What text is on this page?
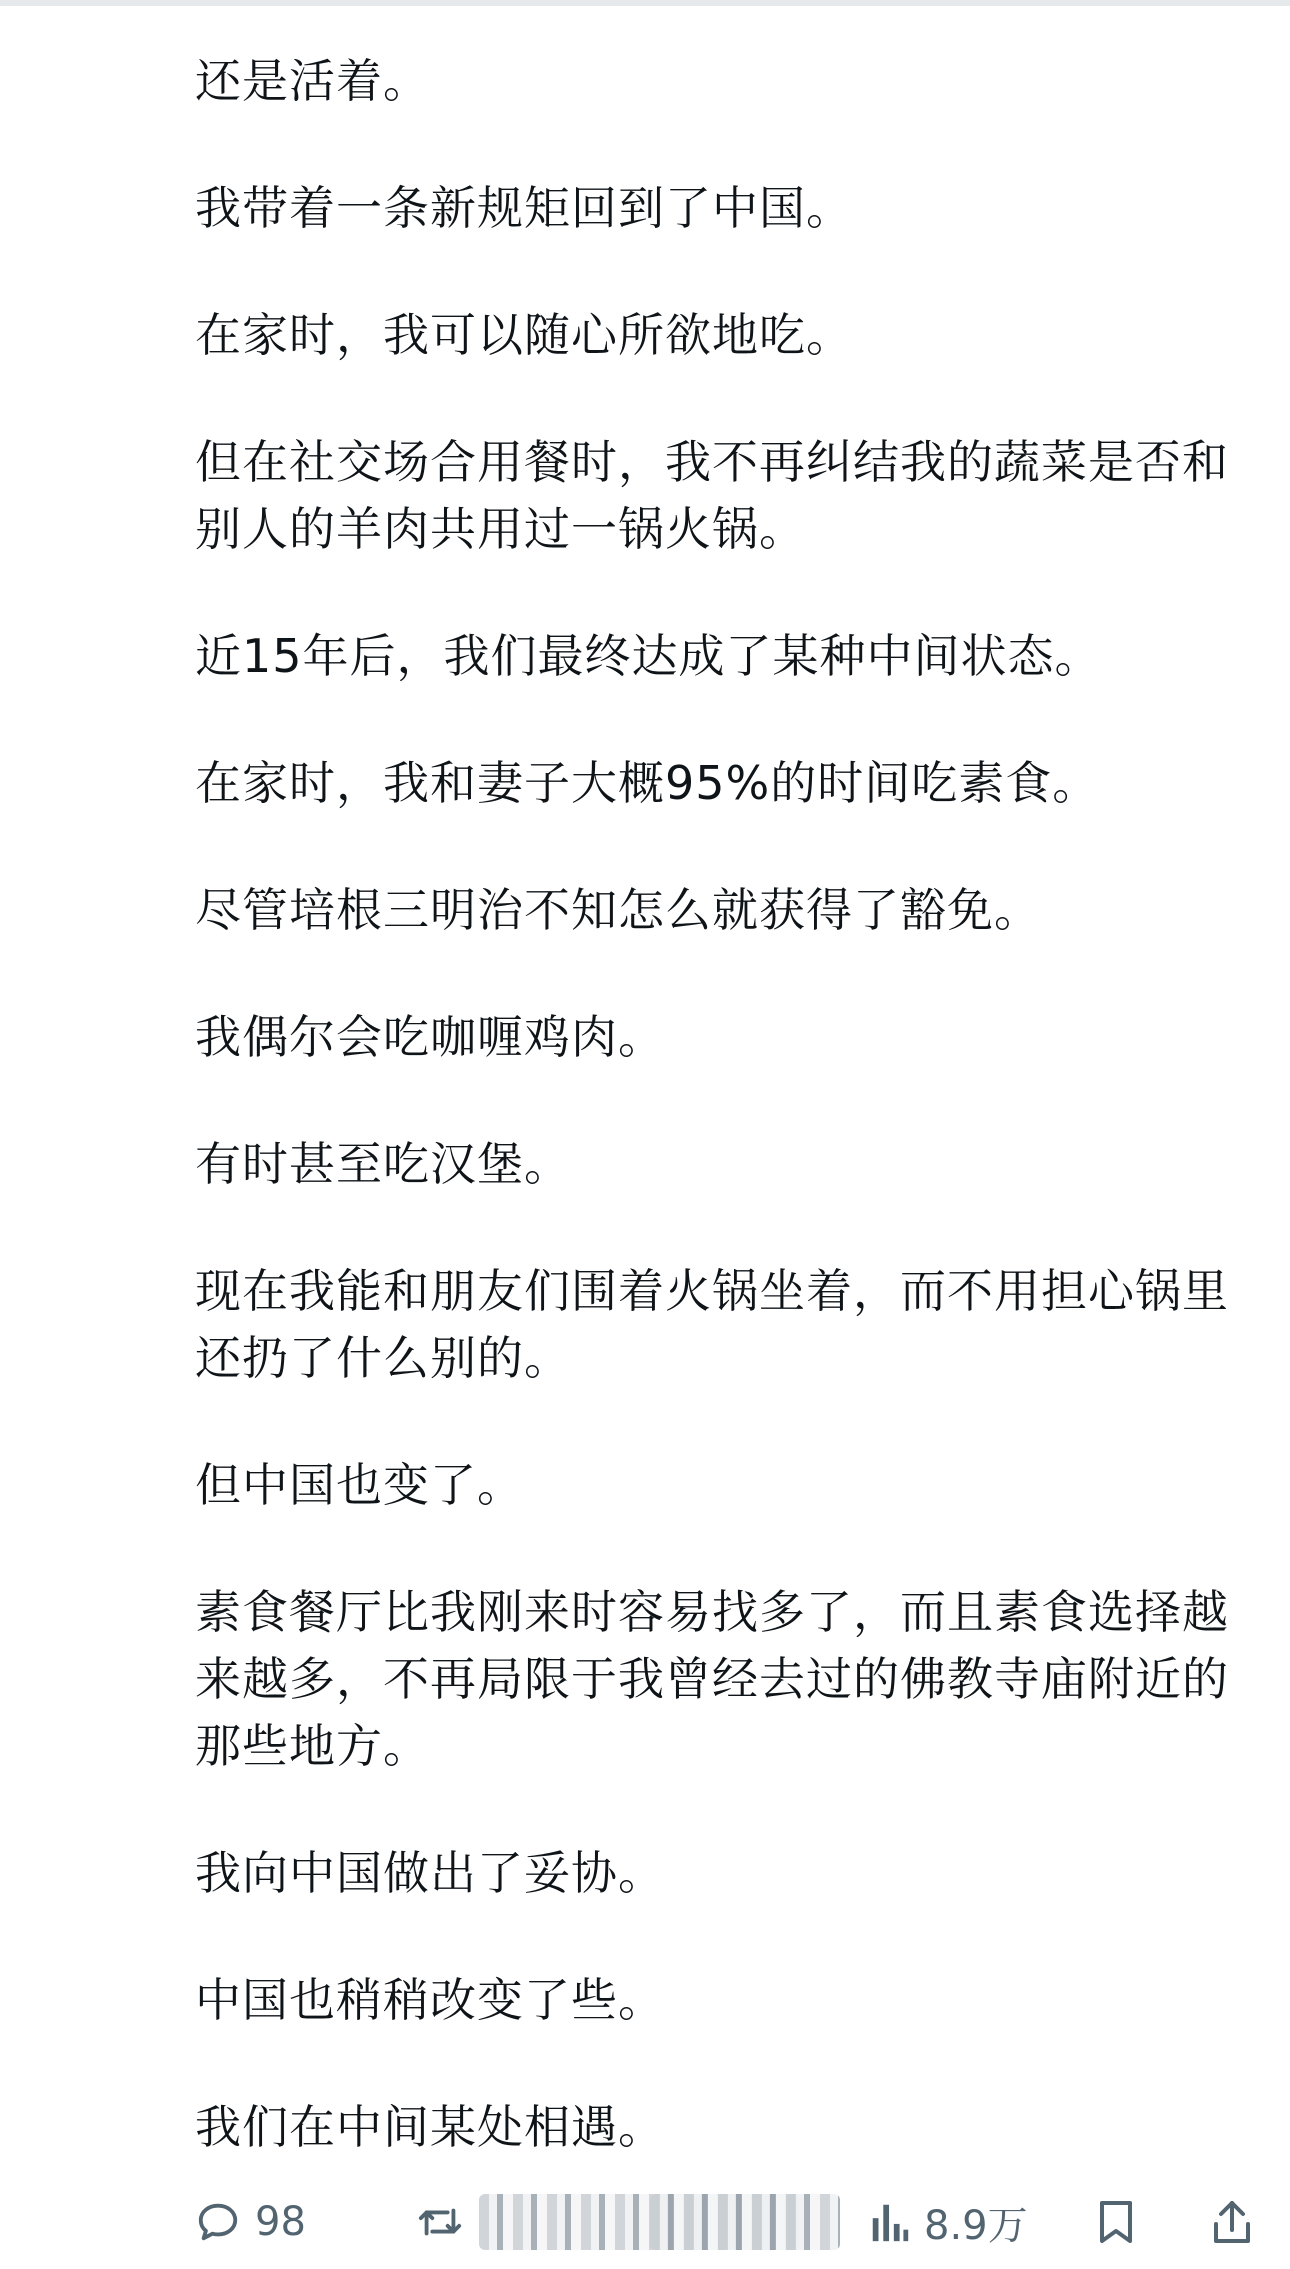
还是活着。

我带着一条新规矩回到了中国。

在家时，我可以随心所欲地吃。

但在社交场合用餐时，我不再纠结我的蔬菜是否和别人的羊肉共用过一锅火锅。

近15年后，我们最终达成了某种中间状态。

在家时，我和妻子大概95%的时间吃素食。

尽管培根三明治不知怎么就获得了豁免。

我偶尔会吃咖喱鸡肉。

有时甚至吃汉堡。

现在我能和朋友们围着火锅坐着，而不用担心锅里还扔了什么别的。

但中国也变了。

素食餐厅比我刚来时容易找多了，而且素食选择越来越多，不再局限于我曾经去过的佛教寺庙附近的那些地方。

我向中国做出了妥协。

中国也稍稍改变了些。

我们在中间某处相遇。

98	8.9万
